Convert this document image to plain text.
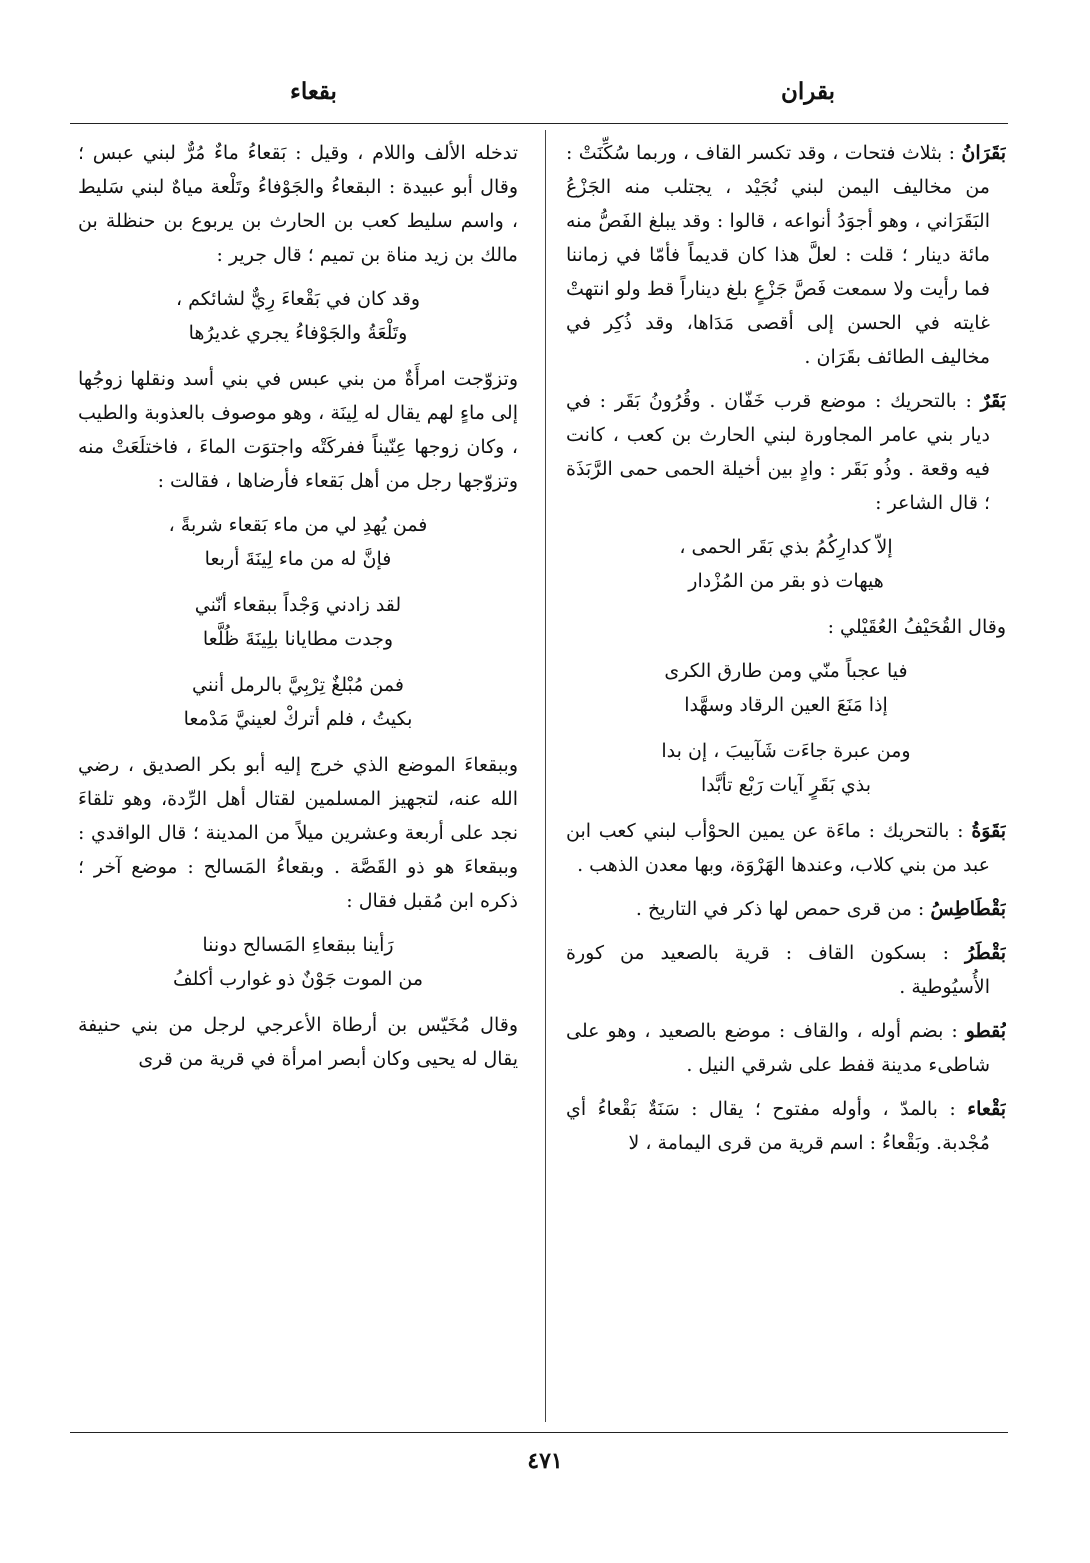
بقران
بقعاء

بَقَرَانُ : بثلاث فتحات ، وقد تكسر القاف ، وربما سُكِّنَتْ : من مخاليف اليمن لبني نُجَيْد ، يجتلب منه الجَزْعُ البَقَرَاني ، وهو أجوَدُ أنواعه ، قالوا : وقد يبلغ الفَصُّ منه مائة دينار ؛ قلت : لعلَّ هذا كان قديماً فأمّا في زماننا فما رأيت ولا سمعت فَصَّ جَزْعٍ بلغ ديناراً قط ولو انتهتْ غايته في الحسن إلى أقصى مَدَاها، وقد ذُكِر في مخاليف الطائف بقَرَان .

بَقَرٌ : بالتحريك : موضع قرب خَفّان . وقُرُونُ بَقَر : في ديار بني عامر المجاورة لبني الحارث بن كعب ، كانت فيه وقعة . وذُو بَقَر : وادٍ بين أخيلة الحمى حمى الرَّبَذَة ؛ قال الشاعر :

إلاّ كدارِكُمُ بذي بَقَر الحمى ،
هيهات ذو بقر من المُزْدار

وقال القُحَيْفُ العُقَيْلي :

فيا عجباً منّي ومن طارق الكرى
إذا مَنَعَ العين الرقاد وسهَّدا
ومن عبرة جاءَت شَآبيبَ ، إن بدا
بذي بَقَرٍ آيات رَبْع تأبَّدا

بَقَوَةُ : بالتحريك : ماءَة عن يمين الحوْأب لبني كعب ابن عبد من بني كلاب، وعندها الهَرْوَة، وبها معدن الذهب .

بَقْطَاطِسُ : من قرى حمص لها ذكر في التاريخ .

بَقْطَرُ : بسكون القاف : قرية بالصعيد من كورة الأُسيُوطية .

بُقطو : بضم أوله ، والقاف : موضع بالصعيد ، وهو على شاطىء مدينة قفط على شرقي النيل .

بَقْعاء : بالمدّ ، وأوله مفتوح ؛ يقال : سَنَةٌ بَقْعاءُ أي مُجْدبة. وبَقْعاءُ : اسم قرية من قرى اليمامة ، لا

تدخله الألف واللام ، وقيل : بَقعاءُ ماءٌ مُرٌّ لبني عبس ؛ وقال أبو عبيدة : البقعاءُ والجَوْفاءُ وتَلْعة مياهٌ لبني سَليط ، واسم سليط كعب بن الحارث بن يربوع بن حنظلة بن مالك بن زيد مناة بن تميم ؛ قال جرير :

وقد كان في بَقْعاءَ رِيٌّ لشائكم ،
وتَلْعَةُ والجَوْفاءُ يجري غديرُها

وتزوّجت امرأَةٌ من بني عبس في بني أسد ونقلها زوجُها إلى ماءٍ لهم يقال له لِينَة ، وهو موصوف بالعذوبة والطيب ، وكان زوجها عِنّيناً ففركَتْه واجتوَت الماءَ ، فاختلَعَتْ منه وتزوّجها رجل من أهل بَقعاء فأرضاها ، فقالت :

فمن يُهدِ لي من ماء بَقعاء شربةً ،
فإنَّ له من ماء لِينَةَ أربعا
لقد زادني وَجْداً ببقعاء أنّني
وجدت مطايانا بلِينَةَ ظُلَّعا
فمن مُبْلغٌ تِرْبِيَّ بالرمل أنني
بكيتُ ، فلم أتركْ لعينيَّ مَدْمعا

وببقعاءَ الموضع الذي خرج إليه أبو بكر الصديق ، رضي الله عنه، لتجهيز المسلمين لقتال أهل الرِّدة، وهو تلقاءَ نجد على أربعة وعشرين ميلاً من المدينة ؛ قال الواقدي : وببقعاءَ هو ذو القَصَّة . وبقعاءُ المَسالح : موضع آخر ؛ ذكره ابن مُقبل فقال :

رَأينا ببقعاءِ المَسالح دوننا
من الموت جَوْنٌ ذو غوارب أكلفُ

وقال مُخَيّس بن أرطاة الأعرجي لرجل من بني حنيفة يقال له يحيى وكان أبصر امرأة في قرية من قرى

٤٧١
